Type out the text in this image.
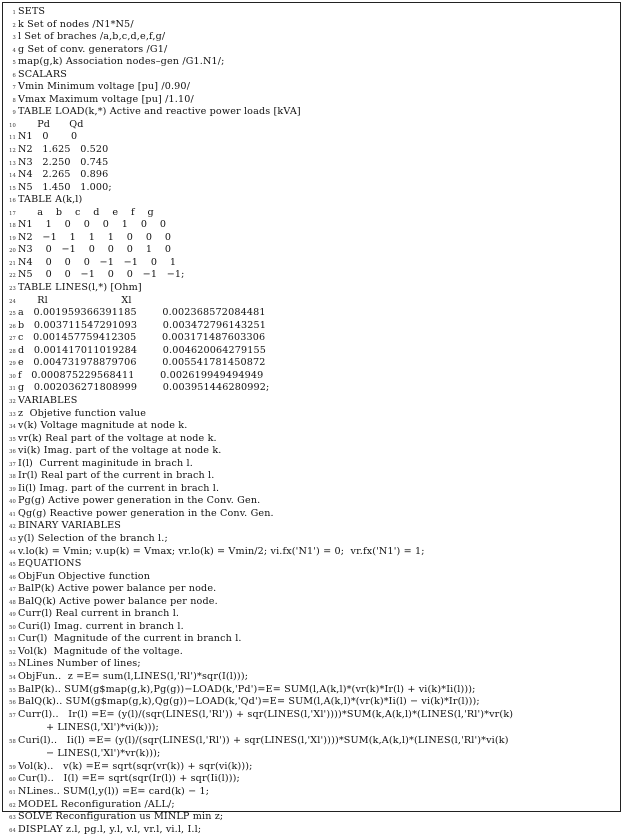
1 SETS
2 k Set of nodes /N1*N5/
3 l Set of braches /a,b,c,d,e,f,g/
4 g Set of conv. generators /G1/
5 map(g,k) Association nodes–gen /G1.N1/;
6 SCALARS
7 Vmin Minimum voltage [pu] /0.90/
8 Vmax Maximum voltage [pu] /1.10/
9 TABLE LOAD(k,*) Active and reactive power loads [kVA]
10 Pd      Qd
11 N1   0       0
12 N2   1.625   0.520
13 N3   2.250   0.745
14 N4   2.265   0.896
15 N5   1.450   1.000;
16 TABLE A(k,l)
17 a    b    c    d    e    f    g
18 N1    1    0    0    0    1    0    0
19 N2   −1    1    1    1    0    0    0
20 N3    0   −1    0    0    0    1    0
21 N4    0    0    0   −1   −1    0    1
22 N5    0    0   −1    0    0   −1   −1;
23 TABLE LINES(l,*) [Ohm]
24 Rl                       Xl
25 a   0.001959366391185        0.002368572084481
26 b   0.003711547291093        0.003472796143251
27 c   0.001457759412305        0.003171487603306
28 d   0.001417011019284        0.004620064279155
29 e   0.004731978879706        0.005541781450872
30 f   0.000875229568411        0.002619949494949
31 g   0.002036271808999        0.003951446280992;
32 VARIABLES
33 z  Objetive function value
34 v(k) Voltage magnitude at node k.
35 vr(k) Real part of the voltage at node k.
36 vi(k) Imag. part of the voltage at node k.
37 I(l)  Current maginitude in brach l.
38 Ir(l) Real part of the current in brach l.
39 Ii(l) Imag. part of the current in brach l.
40 Pg(g) Active power generation in the Conv. Gen.
41 Qg(g) Reactive power generation in the Conv. Gen.
42 BINARY VARIABLES
43 y(l) Selection of the branch l.;
44 v.lo(k) = Vmin; v.up(k) = Vmax; vr.lo(k) = Vmin/2; vi.fx('N1') = 0;  vr.fx('N1') = 1;
45 EQUATIONS
46 ObjFun Objective function
47 BalP(k) Active power balance per node.
48 BalQ(k) Active power balance per node.
49 Curr(l) Real current in branch l.
50 Curi(l) Imag. current in branch l.
51 Cur(l)  Magnitude of the current in branch l.
52 Vol(k)  Magnitude of the voltage.
53 NLines Number of lines;
54 ObjFun..  z =E= sum(l,LINES(l,'Rl')*sqr(I(l)));
55 BalP(k).. SUM(g$map(g,k),Pg(g))−LOAD(k,'Pd')=E= SUM(l,A(k,l)*(vr(k)*Ir(l) + vi(k)*Ii(l)));
56 BalQ(k).. SUM(g$map(g,k),Qg(g))−LOAD(k,'Qd')=E= SUM(l,A(k,l)*(vr(k)*Ii(l) − vi(k)*Ir(l)));
57 Curr(l)..   Ir(l) =E= (y(l)/(sqr(LINES(l,'Rl')) + sqr(LINES(l,'Xl'))))*SUM(k,A(k,l)*(LINES(l,'Rl')*vr(k)
+ LINES(l,'Xl')*vi(k)));
58 Curi(l)..   Ii(l) =E= (y(l)/(sqr(LINES(l,'Rl')) + sqr(LINES(l,'Xl'))))*SUM(k,A(k,l)*(LINES(l,'Rl')*vi(k)
− LINES(l,'Xl')*vr(k)));
59 Vol(k)..   v(k) =E= sqrt(sqr(vr(k)) + sqr(vi(k)));
60 Cur(l)..   I(l) =E= sqrt(sqr(Ir(l)) + sqr(Ii(l)));
61 NLines.. SUM(l,y(l)) =E= card(k) − 1;
62 MODEL Reconfiguration /ALL/;
63 SOLVE Reconfiguration us MINLP min z;
64 DISPLAY z.l, pg.l, y.l, v.l, vr.l, vi.l, I.l;
